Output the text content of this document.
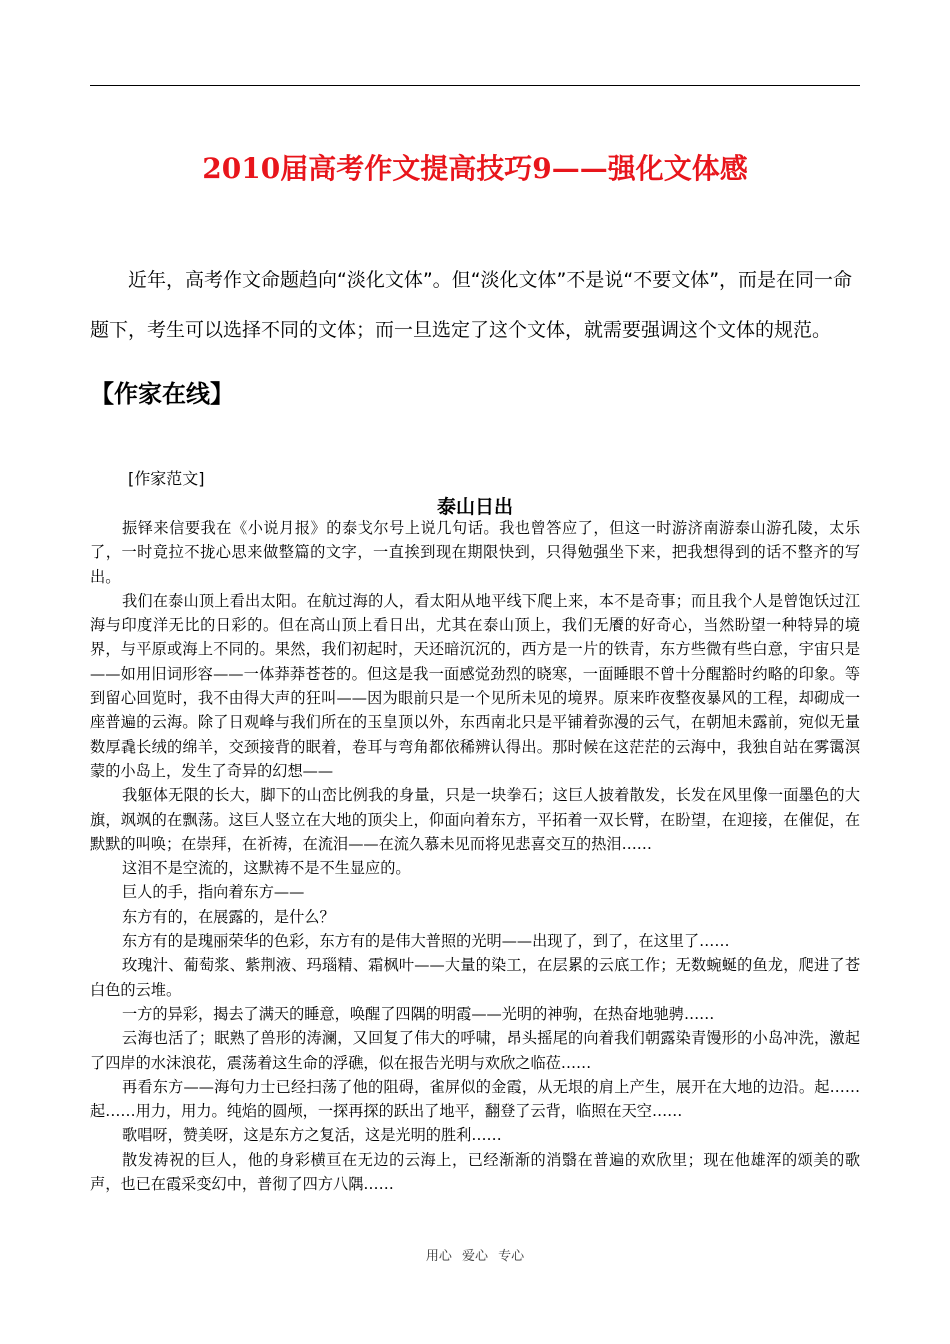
2010届高考作文提高技巧9——强化文体感

近年，高考作文命题趋向“淡化文体”。但“淡化文体”不是说“不要文体”，而是在同一命题下，考生可以选择不同的文体；而一旦选定了这个文体，就需要强调这个文体的规范。

【作家在线】

[作家范文]

泰山日出

振铎来信要我在《小说月报》的泰戈尔号上说几句话。我也曾答应了，但这一时游济南游泰山游孔陵，太乐了，一时竟拉不拢心思来做整篇的文字，一直挨到现在期限快到，只得勉强坐下来，把我想得到的话不整齐的写出。

我们在泰山顶上看出太阳。在航过海的人，看太阳从地平线下爬上来，本不是奇事；而且我个人是曾饱饫过江海与印度洋无比的日彩的。但在高山顶上看日出，尤其在泰山顶上，我们无餍的好奇心，当然盼望一种特异的境界，与平原或海上不同的。果然，我们初起时，天还暗沉沉的，西方是一片的铁青，东方些微有些白意，宇宙只是——如用旧词形容——一体莽莽苍苍的。但这是我一面感觉劲烈的晓寒，一面睡眼不曾十分醒豁时约略的印象。等到留心回览时，我不由得大声的狂叫——因为眼前只是一个见所未见的境界。原来昨夜整夜暴风的工程，却砌成一座普遍的云海。除了日观峰与我们所在的玉皇顶以外，东西南北只是平铺着弥漫的云气，在朝旭未露前，宛似无量数厚毳长绒的绵羊，交颈接背的眠着，卷耳与弯角都依稀辨认得出。那时候在这茫茫的云海中，我独自站在雾霭溟蒙的小岛上，发生了奇异的幻想——

我躯体无限的长大，脚下的山峦比例我的身量，只是一块拳石；这巨人披着散发，长发在风里像一面墨色的大旗，飒飒的在飘荡。这巨人竖立在大地的顶尖上，仰面向着东方，平拓着一双长臂，在盼望，在迎接，在催促，在默默的叫唤；在崇拜，在祈祷，在流泪——在流久慕未见而将见悲喜交互的热泪……

这泪不是空流的，这默祷不是不生显应的。

巨人的手，指向着东方——

东方有的，在展露的，是什么？

东方有的是瑰丽荣华的色彩，东方有的是伟大普照的光明——出现了，到了，在这里了……

玫瑰汁、葡萄浆、紫荆液、玛瑙精、霜枫叶——大量的染工，在层累的云底工作；无数蜿蜒的鱼龙，爬进了苍白色的云堆。

一方的异彩，揭去了满天的睡意，唤醒了四隅的明霞——光明的神驹，在热奋地驰骋……

云海也活了；眠熟了兽形的涛澜，又回复了伟大的呼啸，昂头摇尾的向着我们朝露染青馒形的小岛冲洗，激起了四岸的水沫浪花，震荡着这生命的浮礁，似在报告光明与欢欣之临莅……

再看东方——海句力士已经扫荡了他的阻碍，雀屏似的金霞，从无垠的肩上产生，展开在大地的边沿。起……起……用力，用力。纯焰的圆颅，一探再探的跃出了地平，翻登了云背，临照在天空……

歌唱呀，赞美呀，这是东方之复活，这是光明的胜利……

散发祷祝的巨人，他的身彩横亘在无边的云海上，已经渐渐的消翳在普遍的欢欣里；现在他雄浑的颂美的歌声，也已在霞采变幻中，普彻了四方八隅……

用心 爱心 专心
